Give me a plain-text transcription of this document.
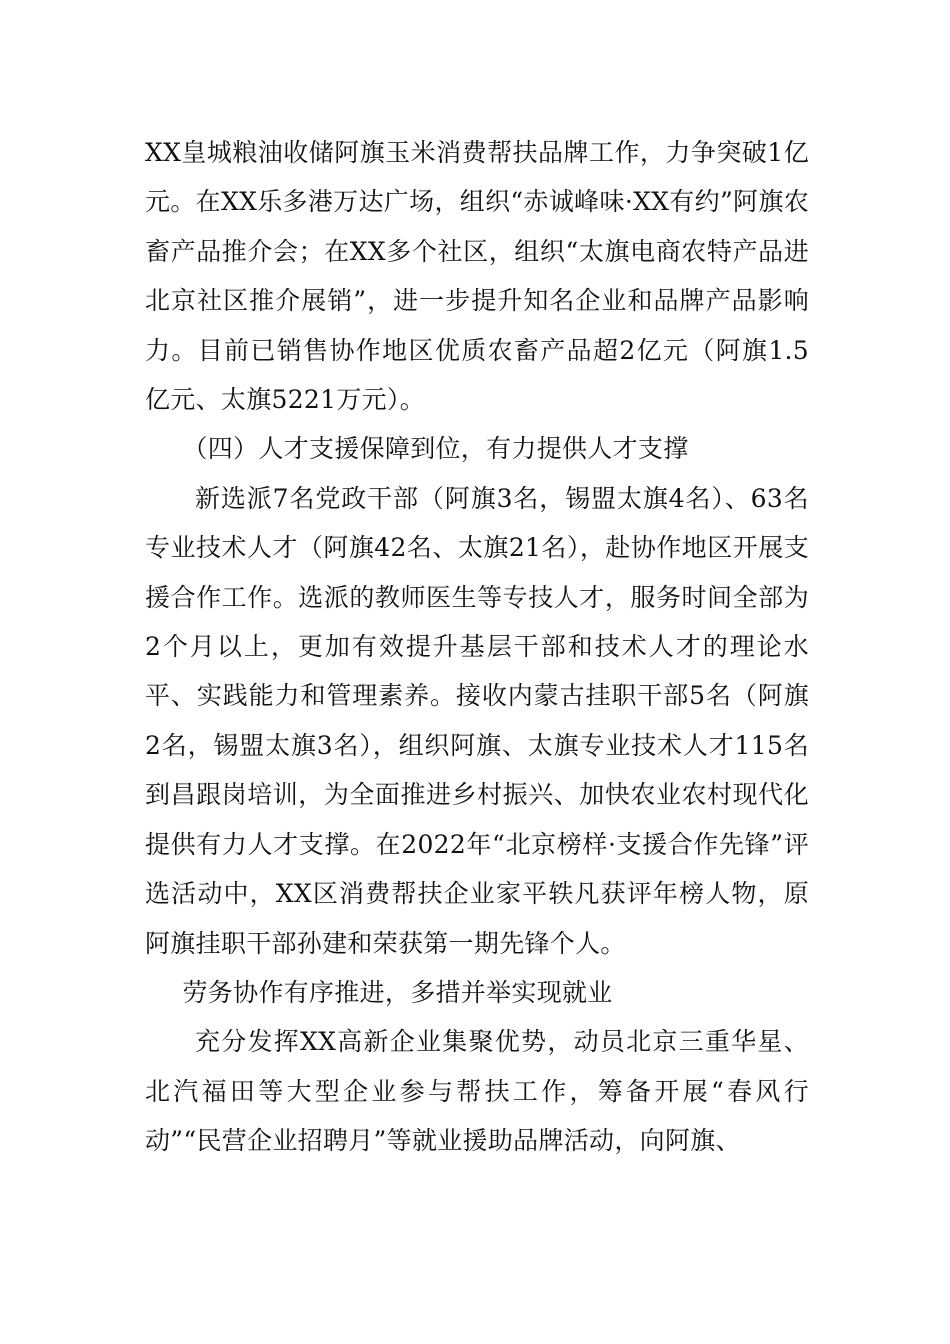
XX皇城粮油收储阿旗玉米消费帮扶品牌工作，力争突破1亿元。在XX乐多港万达广场，组织“赤诚峰味·XX有约”阿旗农畜产品推介会；在XX多个社区，组织“太旗电商农特产品进北京社区推介展销”，进一步提升知名企业和品牌产品影响力。目前已销售协作地区优质农畜产品超2亿元（阿旗1.5亿元、太旗5221万元）。

（四）人才支援保障到位，有力提供人才支撑

新选派7名党政干部（阿旗3名，锡盟太旗4名）、63名专业技术人才（阿旗42名、太旗21名），赴协作地区开展支援合作工作。选派的教师医生等专技人才，服务时间全部为2个月以上，更加有效提升基层干部和技术人才的理论水平、实践能力和管理素养。接收内蒙古挂职干部5名（阿旗2名，锡盟太旗3名），组织阿旗、太旗专业技术人才115名到昌跟岗培训，为全面推进乡村振兴、加快农业农村现代化提供有力人才支撑。在2022年“北京榜样·支援合作先锋”评选活动中，XX区消费帮扶企业家平轶凡获评年榜人物，原阿旗挂职干部孙建和荣获第一期先锋个人。

劳务协作有序推进，多措并举实现就业

充分发挥XX高新企业集聚优势，动员北京三重华星、北汽福田等大型企业参与帮扶工作，筹备开展“春风行动”“民营企业招聘月”等就业援助品牌活动，向阿旗、
